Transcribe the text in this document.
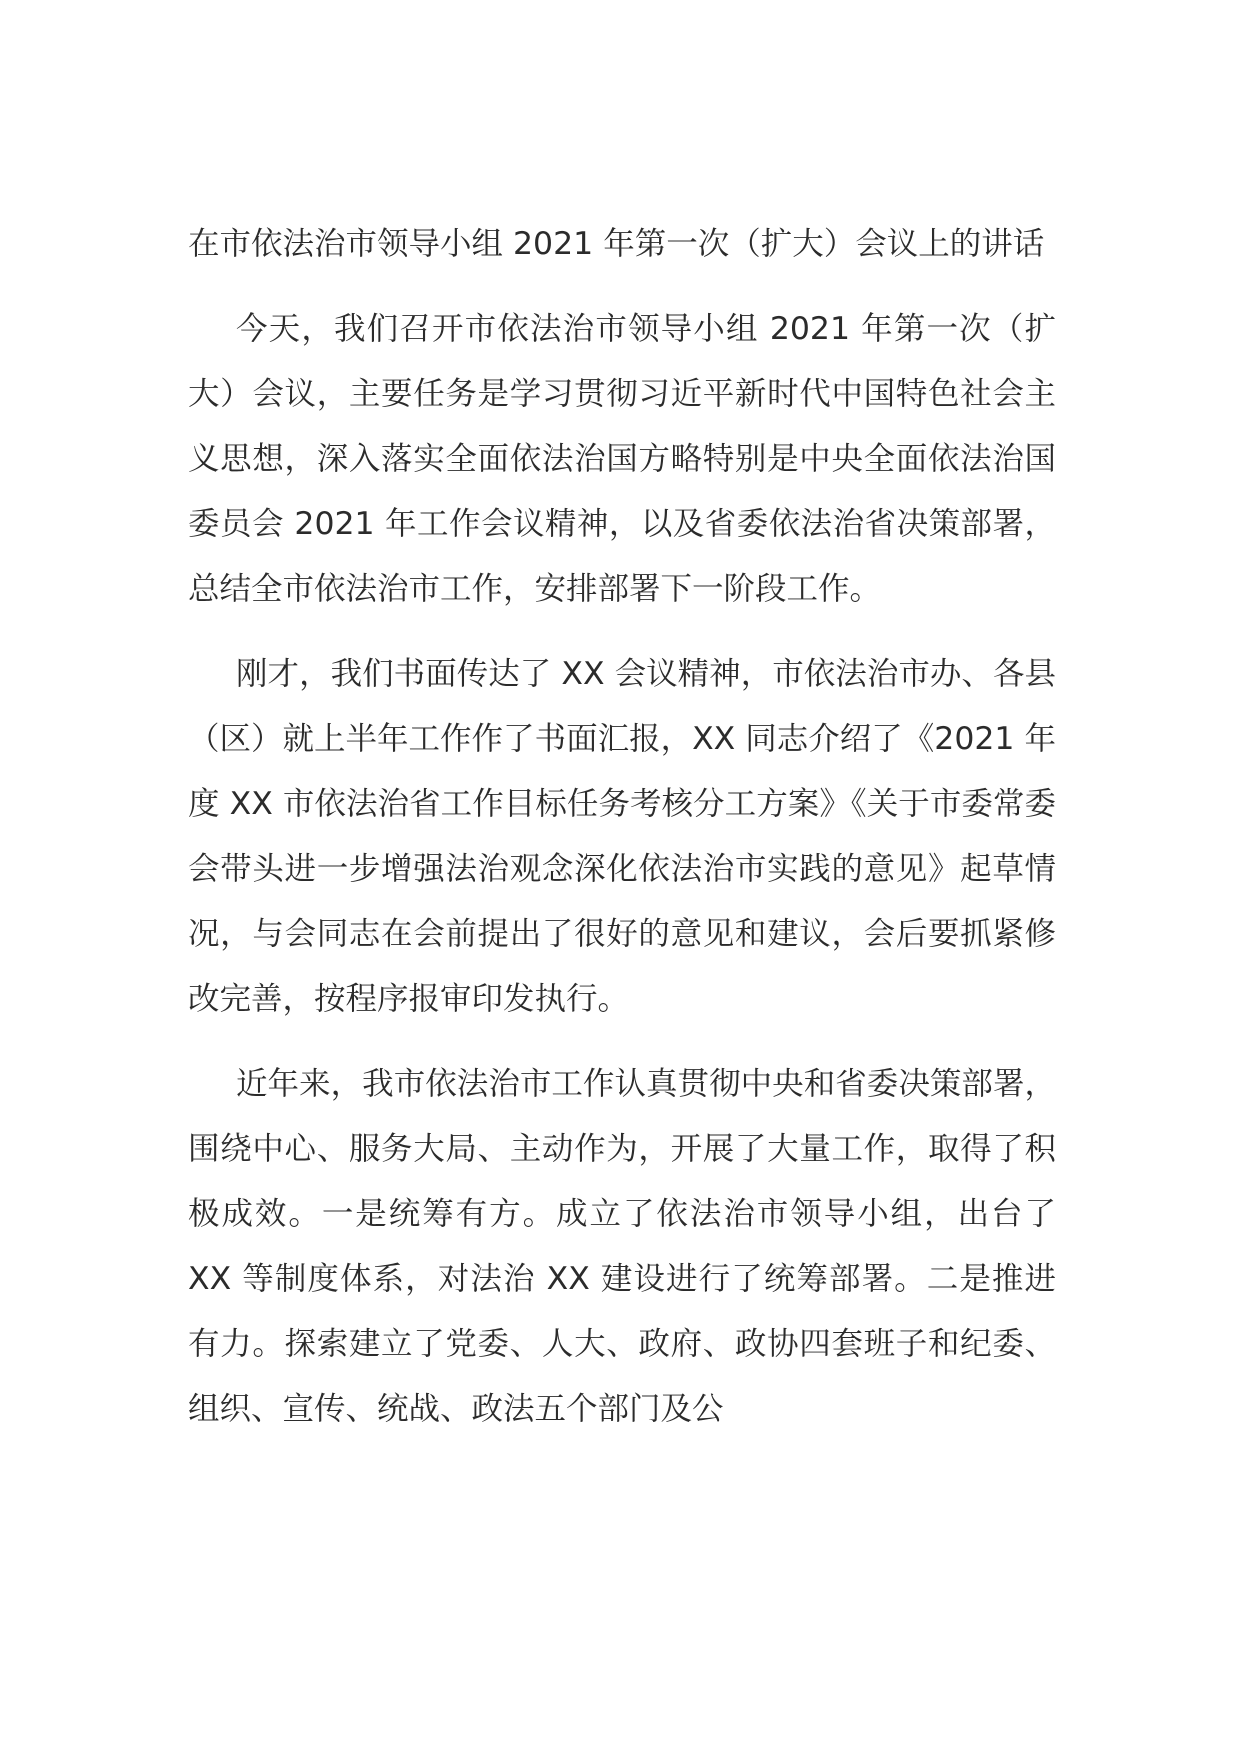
在市依法治市领导小组 2021 年第一次（扩大）会议上的讲话

今天，我们召开市依法治市领导小组 2021 年第一次（扩大）会议，主要任务是学习贯彻习近平新时代中国特色社会主义思想，深入落实全面依法治国方略特别是中央全面依法治国委员会 2021 年工作会议精神，以及省委依法治省决策部署，总结全市依法治市工作，安排部署下一阶段工作。

刚才，我们书面传达了 XX 会议精神，市依法治市办、各县（区）就上半年工作作了书面汇报，XX 同志介绍了《2021 年度 XX 市依法治省工作目标任务考核分工方案》《关于市委常委会带头进一步增强法治观念深化依法治市实践的意见》起草情况，与会同志在会前提出了很好的意见和建议，会后要抓紧修改完善，按程序报审印发执行。

近年来，我市依法治市工作认真贯彻中央和省委决策部署，围绕中心、服务大局、主动作为，开展了大量工作，取得了积极成效。一是统筹有方。成立了依法治市领导小组，出台了 XX 等制度体系，对法治 XX 建设进行了统筹部署。二是推进有力。探索建立了党委、人大、政府、政协四套班子和纪委、组织、宣传、统战、政法五个部门及公
